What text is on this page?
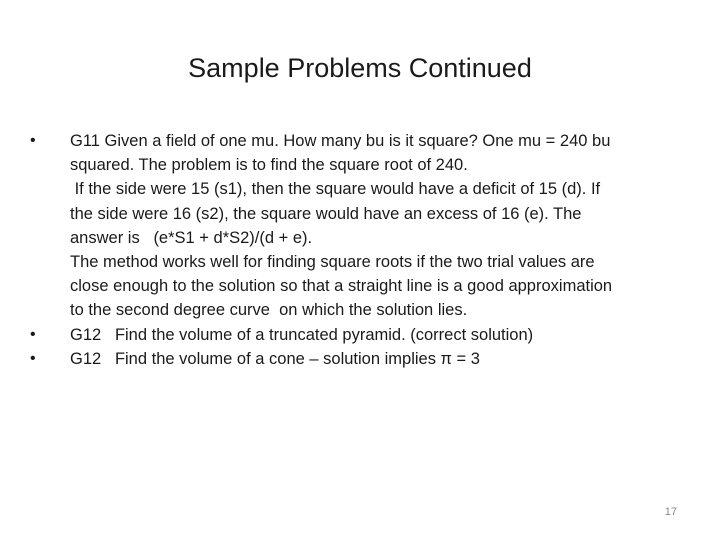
Sample Problems Continued
•	G11 Given a field of one mu. How many bu is it square? One mu = 240 bu
squared. The problem is to find the square root of 240.
If the side were 15 (s1), then the square would have a deficit of 15 (d). If
the side were 16 (s2), the square would have an excess of 16 (e). The
answer is   (e*S1 + d*S2)/(d + e).
The method works well for finding square roots if the two trial values are
close enough to the solution so that a straight line is a good approximation
to the second degree curve  on which the solution lies.
•	G12   Find the volume of a truncated pyramid. (correct solution)
•	G12   Find the volume of a cone – solution implies π = 3
17
